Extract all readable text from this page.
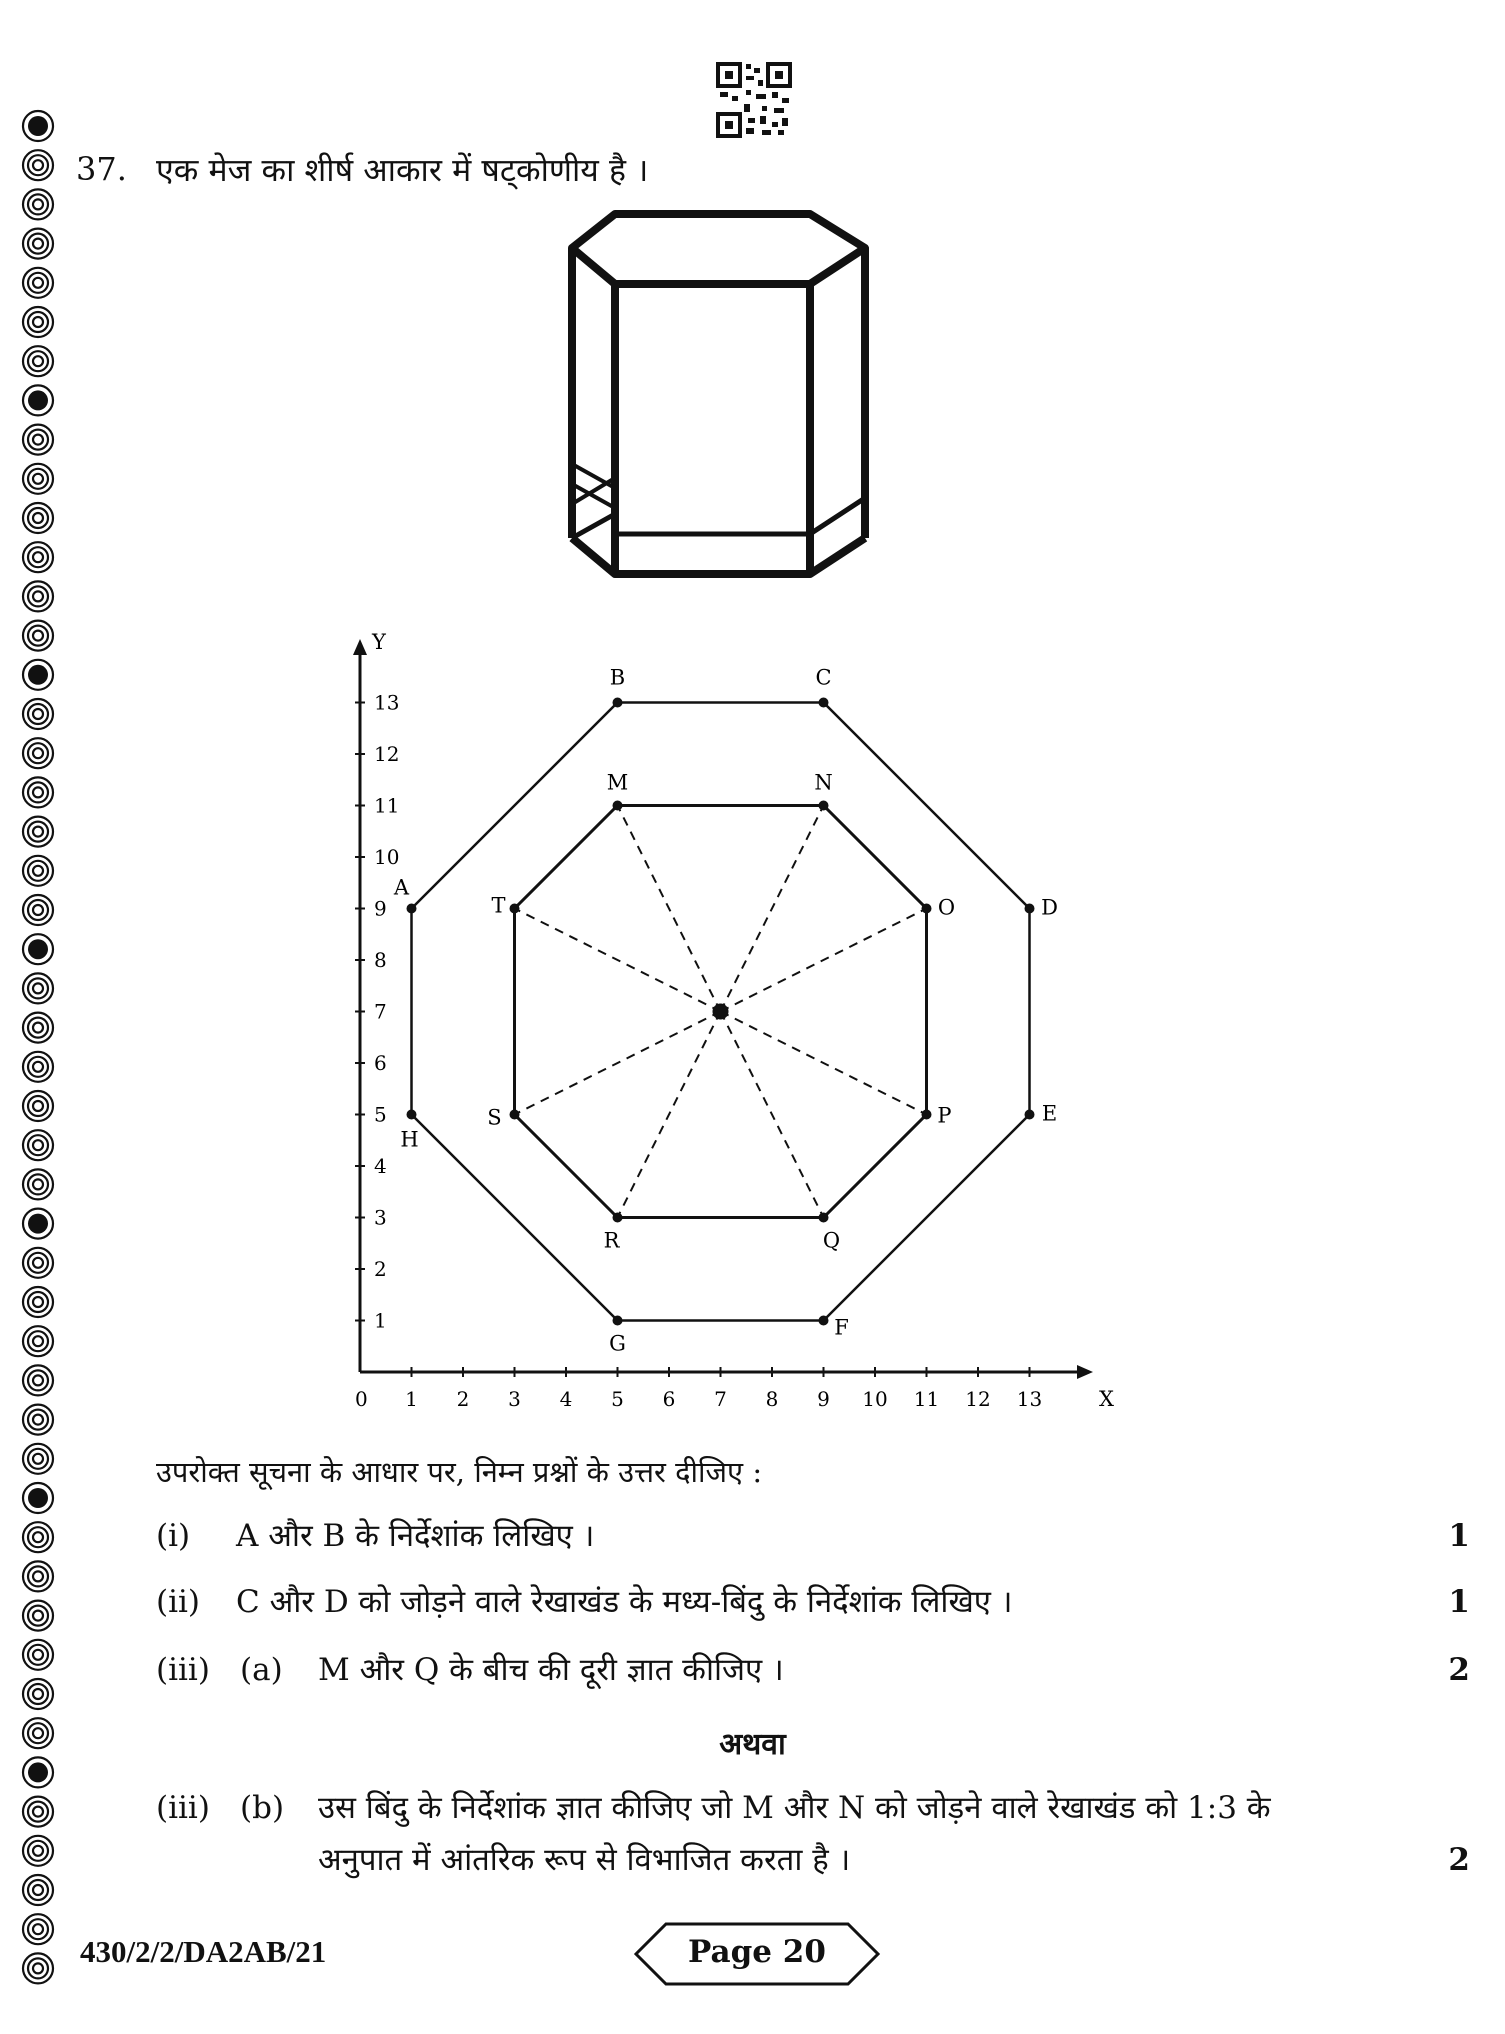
37. एक मेज का शीर्ष आकार में षट्कोणीय है ।
0	X
Y
1 2 3 4 5 6 7 8 9 10 11 12 13
1
2
3
4
5
6
7
8
9
10
11
12
13
A
B	C
D
E
F
G
H
M	N
O
P
Q
R
S
T
उपरोक्त सूचना के आधार पर, निम्न प्रश्नों के उत्तर दीजिए :
(i) A और B के निर्देशांक लिखिए ।	1
(ii) C और D को जोड़ने वाले रेखाखंड के मध्य-बिंदु के निर्देशांक लिखिए ।	1
(iii) (a) M और Q के बीच की दूरी ज्ञात कीजिए ।	2
अथवा
(iii) (b) उस बिंदु के निर्देशांक ज्ञात कीजिए जो M और N को जोड़ने वाले रेखाखंड को 1:3 के
अनुपात में आंतरिक रूप से विभाजित करता है ।	2
430/2/2/DA2AB/21	Page 20
